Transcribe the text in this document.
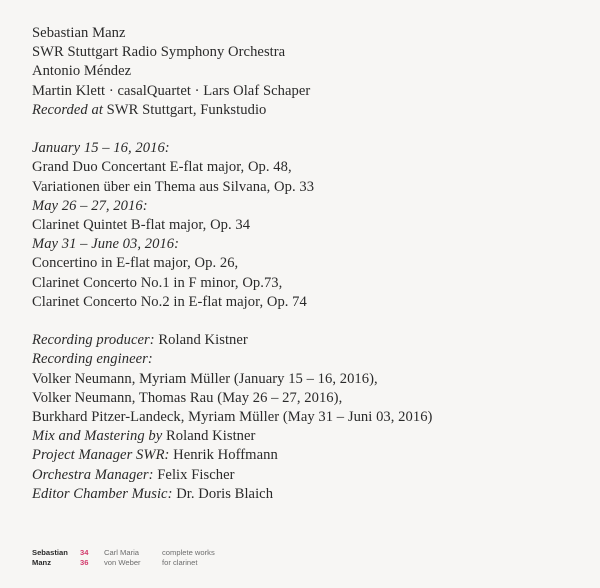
Sebastian Manz
SWR Stuttgart Radio Symphony Orchestra
Antonio Méndez
Martin Klett · casalQuartet · Lars Olaf Schaper
Recorded at SWR Stuttgart, Funkstudio
January 15 – 16, 2016:
Grand Duo Concertant E-flat major, Op. 48,
Variationen über ein Thema aus Silvana, Op. 33
May 26 – 27, 2016:
Clarinet Quintet B-flat major, Op. 34
May 31 – June 03, 2016:
Concertino in E-flat major, Op. 26,
Clarinet Concerto No.1 in F minor, Op.73,
Clarinet Concerto No.2 in E-flat major, Op. 74
Recording producer: Roland Kistner
Recording engineer:
Volker Neumann, Myriam Müller (January 15 – 16, 2016),
Volker Neumann, Thomas Rau (May 26 – 27, 2016),
Burkhard Pitzer-Landeck, Myriam Müller (May 31 – Juni 03, 2016)
Mix and Mastering by Roland Kistner
Project Manager SWR: Henrik Hoffmann
Orchestra Manager: Felix Fischer
Editor Chamber Music: Dr. Doris Blaich
Sebastian
Manz
34
36
Carl Maria
von Weber
complete works
for clarinet
